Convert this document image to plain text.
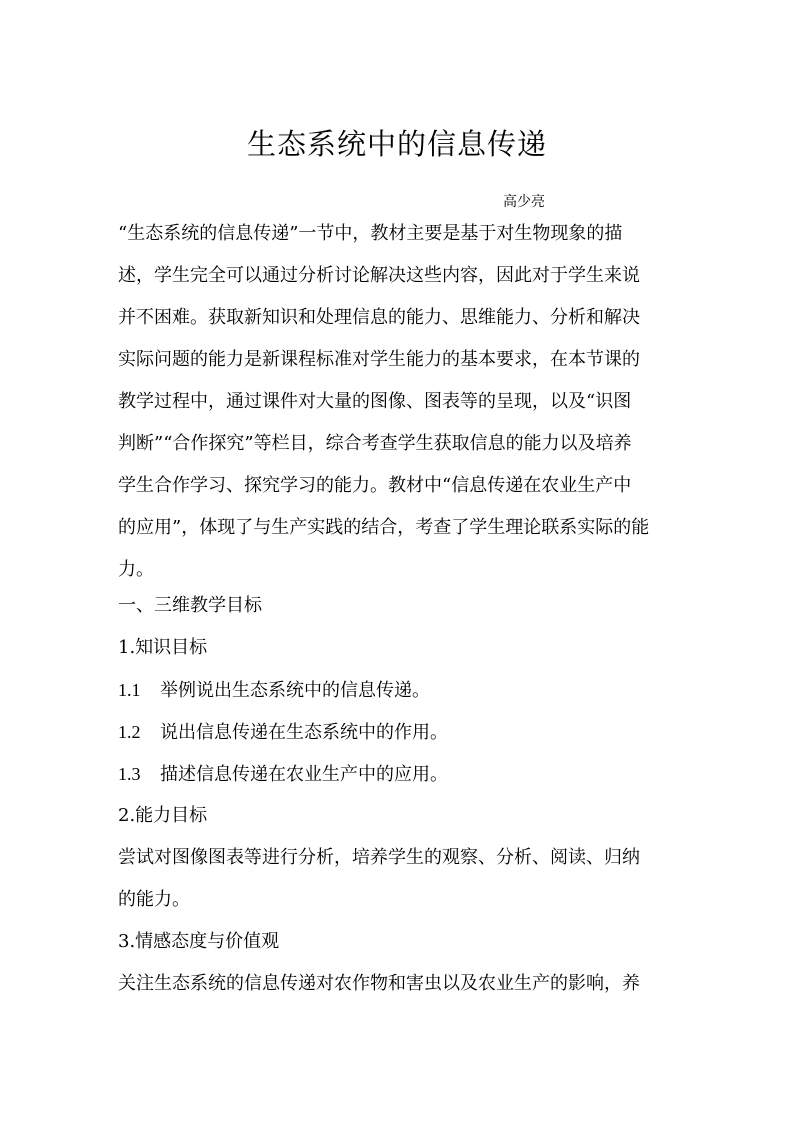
生态系统中的信息传递
高少亮
“生态系统的信息传递”一节中，教材主要是基于对生物现象的描
述，学生完全可以通过分析讨论解决这些内容，因此对于学生来说
并不困难。获取新知识和处理信息的能力、思维能力、分析和解决
实际问题的能力是新课程标准对学生能力的基本要求，在本节课的
教学过程中，通过课件对大量的图像、图表等的呈现，以及“识图
判断”“合作探究”等栏目，综合考查学生获取信息的能力以及培养
学生合作学习、探究学习的能力。教材中“信息传递在农业生产中
的应用”，体现了与生产实践的结合，考查了学生理论联系实际的能
力。
一、三维教学目标
1.知识目标
1.1 举例说出生态系统中的信息传递。
1.2 说出信息传递在生态系统中的作用。
1.3 描述信息传递在农业生产中的应用。
2.能力目标
尝试对图像图表等进行分析，培养学生的观察、分析、阅读、归纳
的能力。
3.情感态度与价值观
关注生态系统的信息传递对农作物和害虫以及农业生产的影响，养
